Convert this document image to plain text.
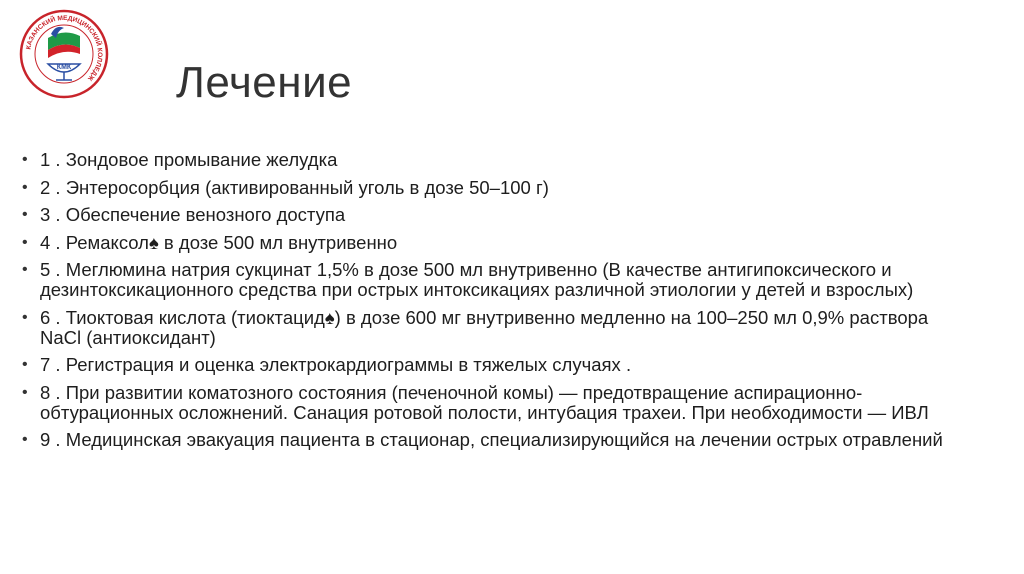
КАЗАНСКИЙ МЕДИЦИНСКИЙ КОЛЛЕДЖ
КМК Лечение
• 1 . Зондовое промывание желудка
• 2 . Энтеросорбция (активированный уголь в дозе 50–100 г)
• 3 . Обеспечение венозного доступа
• 4 . Ремаксол♠ в дозе 500 мл внутривенно
• 5 . Меглюмина натрия сукцинат 1,5% в дозе 500 мл внутривенно (В качестве антигипоксического и дезинтоксикационного средства при острых интоксикациях различной этиологии у детей и взрослых)
• 6 . Тиоктовая кислота (тиоктацид♠) в дозе 600 мг внутривенно медленно на 100–250 мл 0,9% раствора NaCl (антиоксидант)
• 7 . Регистрация и оценка электрокардиограммы в тяжелых случаях .
• 8 . При развитии коматозного состояния (печеночной комы) — предотвращение аспирационно-обтурационных осложнений. Санация ротовой полости, интубация трахеи. При необходимости — ИВЛ
• 9 . Медицинская эвакуация пациента в стационар, специализирующийся на лечении острых отравлений
